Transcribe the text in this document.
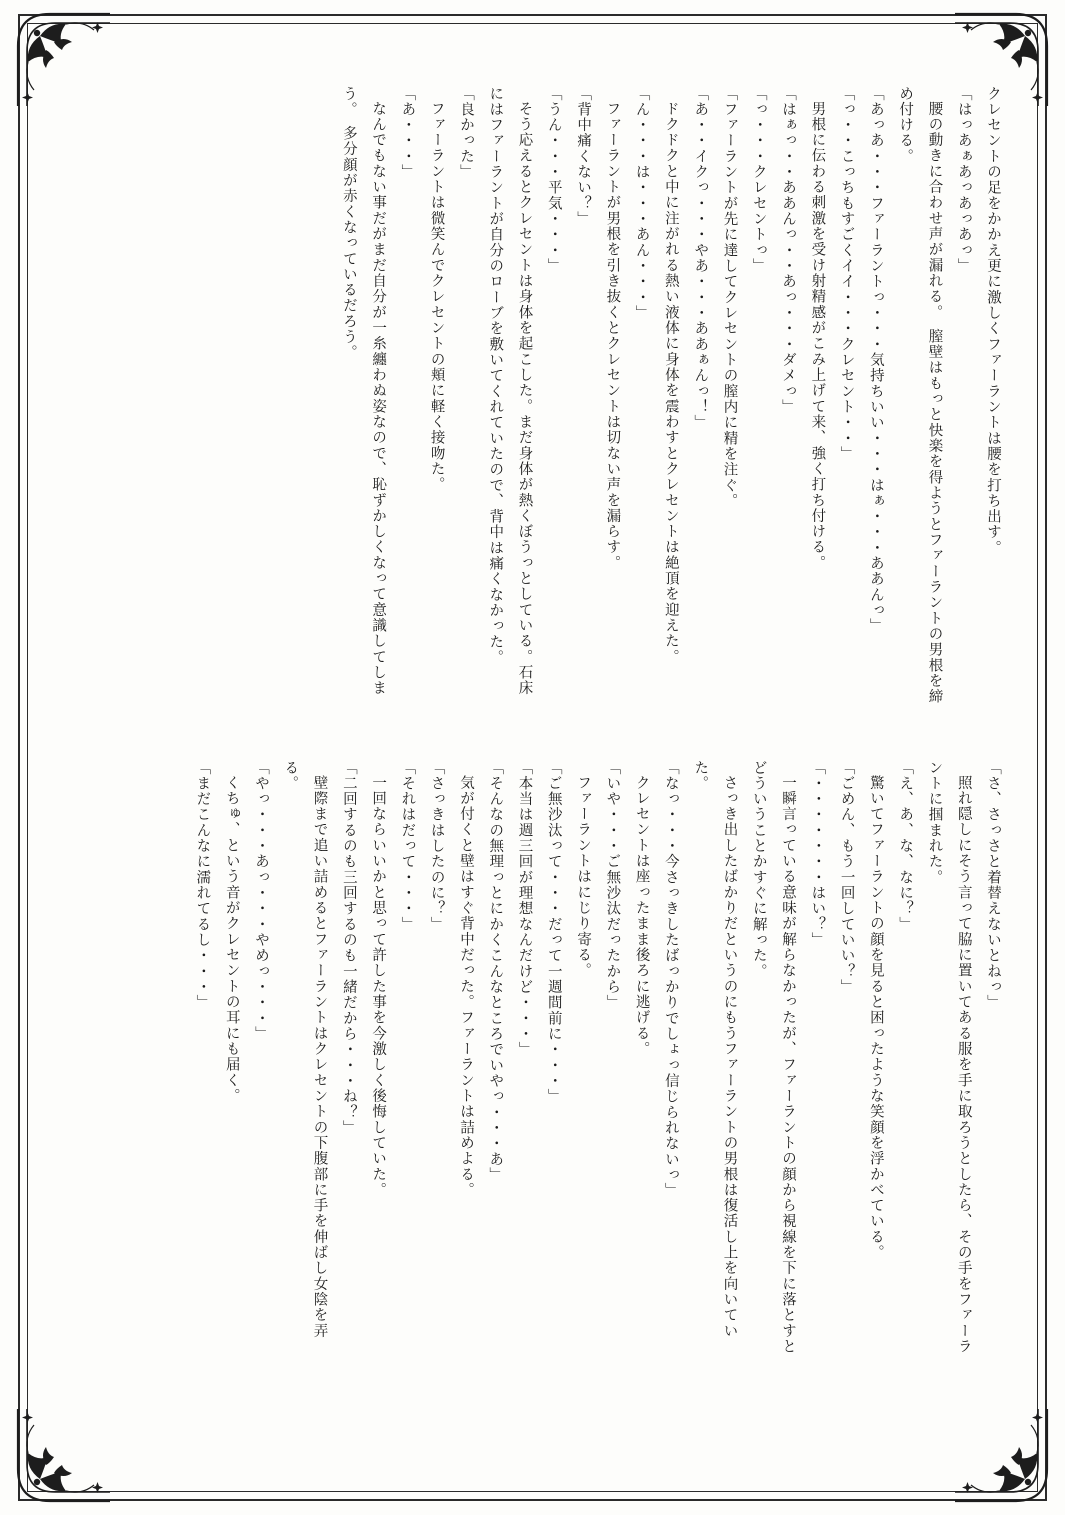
クレセントの足をかかえ更に激しくファーラントは腰を打ち出す。

「はっあぁあっあっあっ」

腰の動きに合わせ声が漏れる。　膣壁はもっと快楽を得ようとファーラントの男根を締め付ける。

「あっあ・・・ファーラントっ・・・気持ちいい・・・はぁ・・・ああんっ」

「っ・・こっちもすごくイイ・・・クレセント・・」

男根に伝わる刺激を受け射精感がこみ上げて来、強く打ち付ける。

「はぁっ・・ああんっ・・あっ・・・ダメっ」

「っ・・・クレセントっ」

「ファーラントが先に達してクレセントの膣内に精を注ぐ。

「あ・・イクっ・・・やあ・・・ああぁんっ！」

ドクドクと中に注がれる熱い液体に身体を震わすとクレセントは絶頂を迎えた。

「ん・・・は・・・あん・・・」

ファーラントが男根を引き抜くとクレセントは切ない声を漏らす。

「背中痛くない？」

「うん・・・平気・・・」

そう応えるとクレセントは身体を起こした。まだ身体が熱くぼうっとしている。石床にはファーラントが自分のローブを敷いてくれていたので、背中は痛くなかった。

「良かった」

ファーラントは微笑んでクレセントの頬に軽く接吻た。

「あ・・・」

なんでもない事だがまだ自分が一糸纏わぬ姿なので、恥ずかしくなって意識してしまう。　多分顔が赤くなっているだろう。

「さ、さっさと着替えないとねっ」

照れ隠しにそう言って脇に置いてある服を手に取ろうとしたら、その手をファーラントに掴まれた。

「え、あ、な、なに？」

驚いてファーラントの顔を見ると困ったような笑顔を浮かべている。

「ごめん、もう一回していい？」

「・・・・・・・はい？」

一瞬言っている意味が解らなかったが、ファーラントの顔から視線を下に落とすとどういうことかすぐに解った。

さっき出したばかりだというのにもうファーラントの男根は復活し上を向いていた。

「なっ・・・今さっきしたばっかりでしょっ信じられないっ」

クレセントは座ったまま後ろに逃げる。

「いや・・・ご無沙汰だったから」

ファーラントはにじり寄る。

「ご無沙汰って・・・だって一週間前に・・・」

「本当は週三回が理想なんだけど・・・」

「そんなの無理っとにかくこんなところでいやっ・・・あ」

気が付くと壁はすぐ背中だった。ファーラントは詰めよる。

「さっきはしたのに？」

「それはだって・・・」

一回ならいいかと思って許した事を今激しく後悔していた。

「二回するのも三回するのも一緒だから・・・ね？」

壁際まで追い詰めるとファーラントはクレセントの下腹部に手を伸ばし女陰を弄る。

「やっ・・・あっ・・・やめっ・・・」

くちゅ、という音がクレセントの耳にも届く。

「まだこんなに濡れてるし・・・」
